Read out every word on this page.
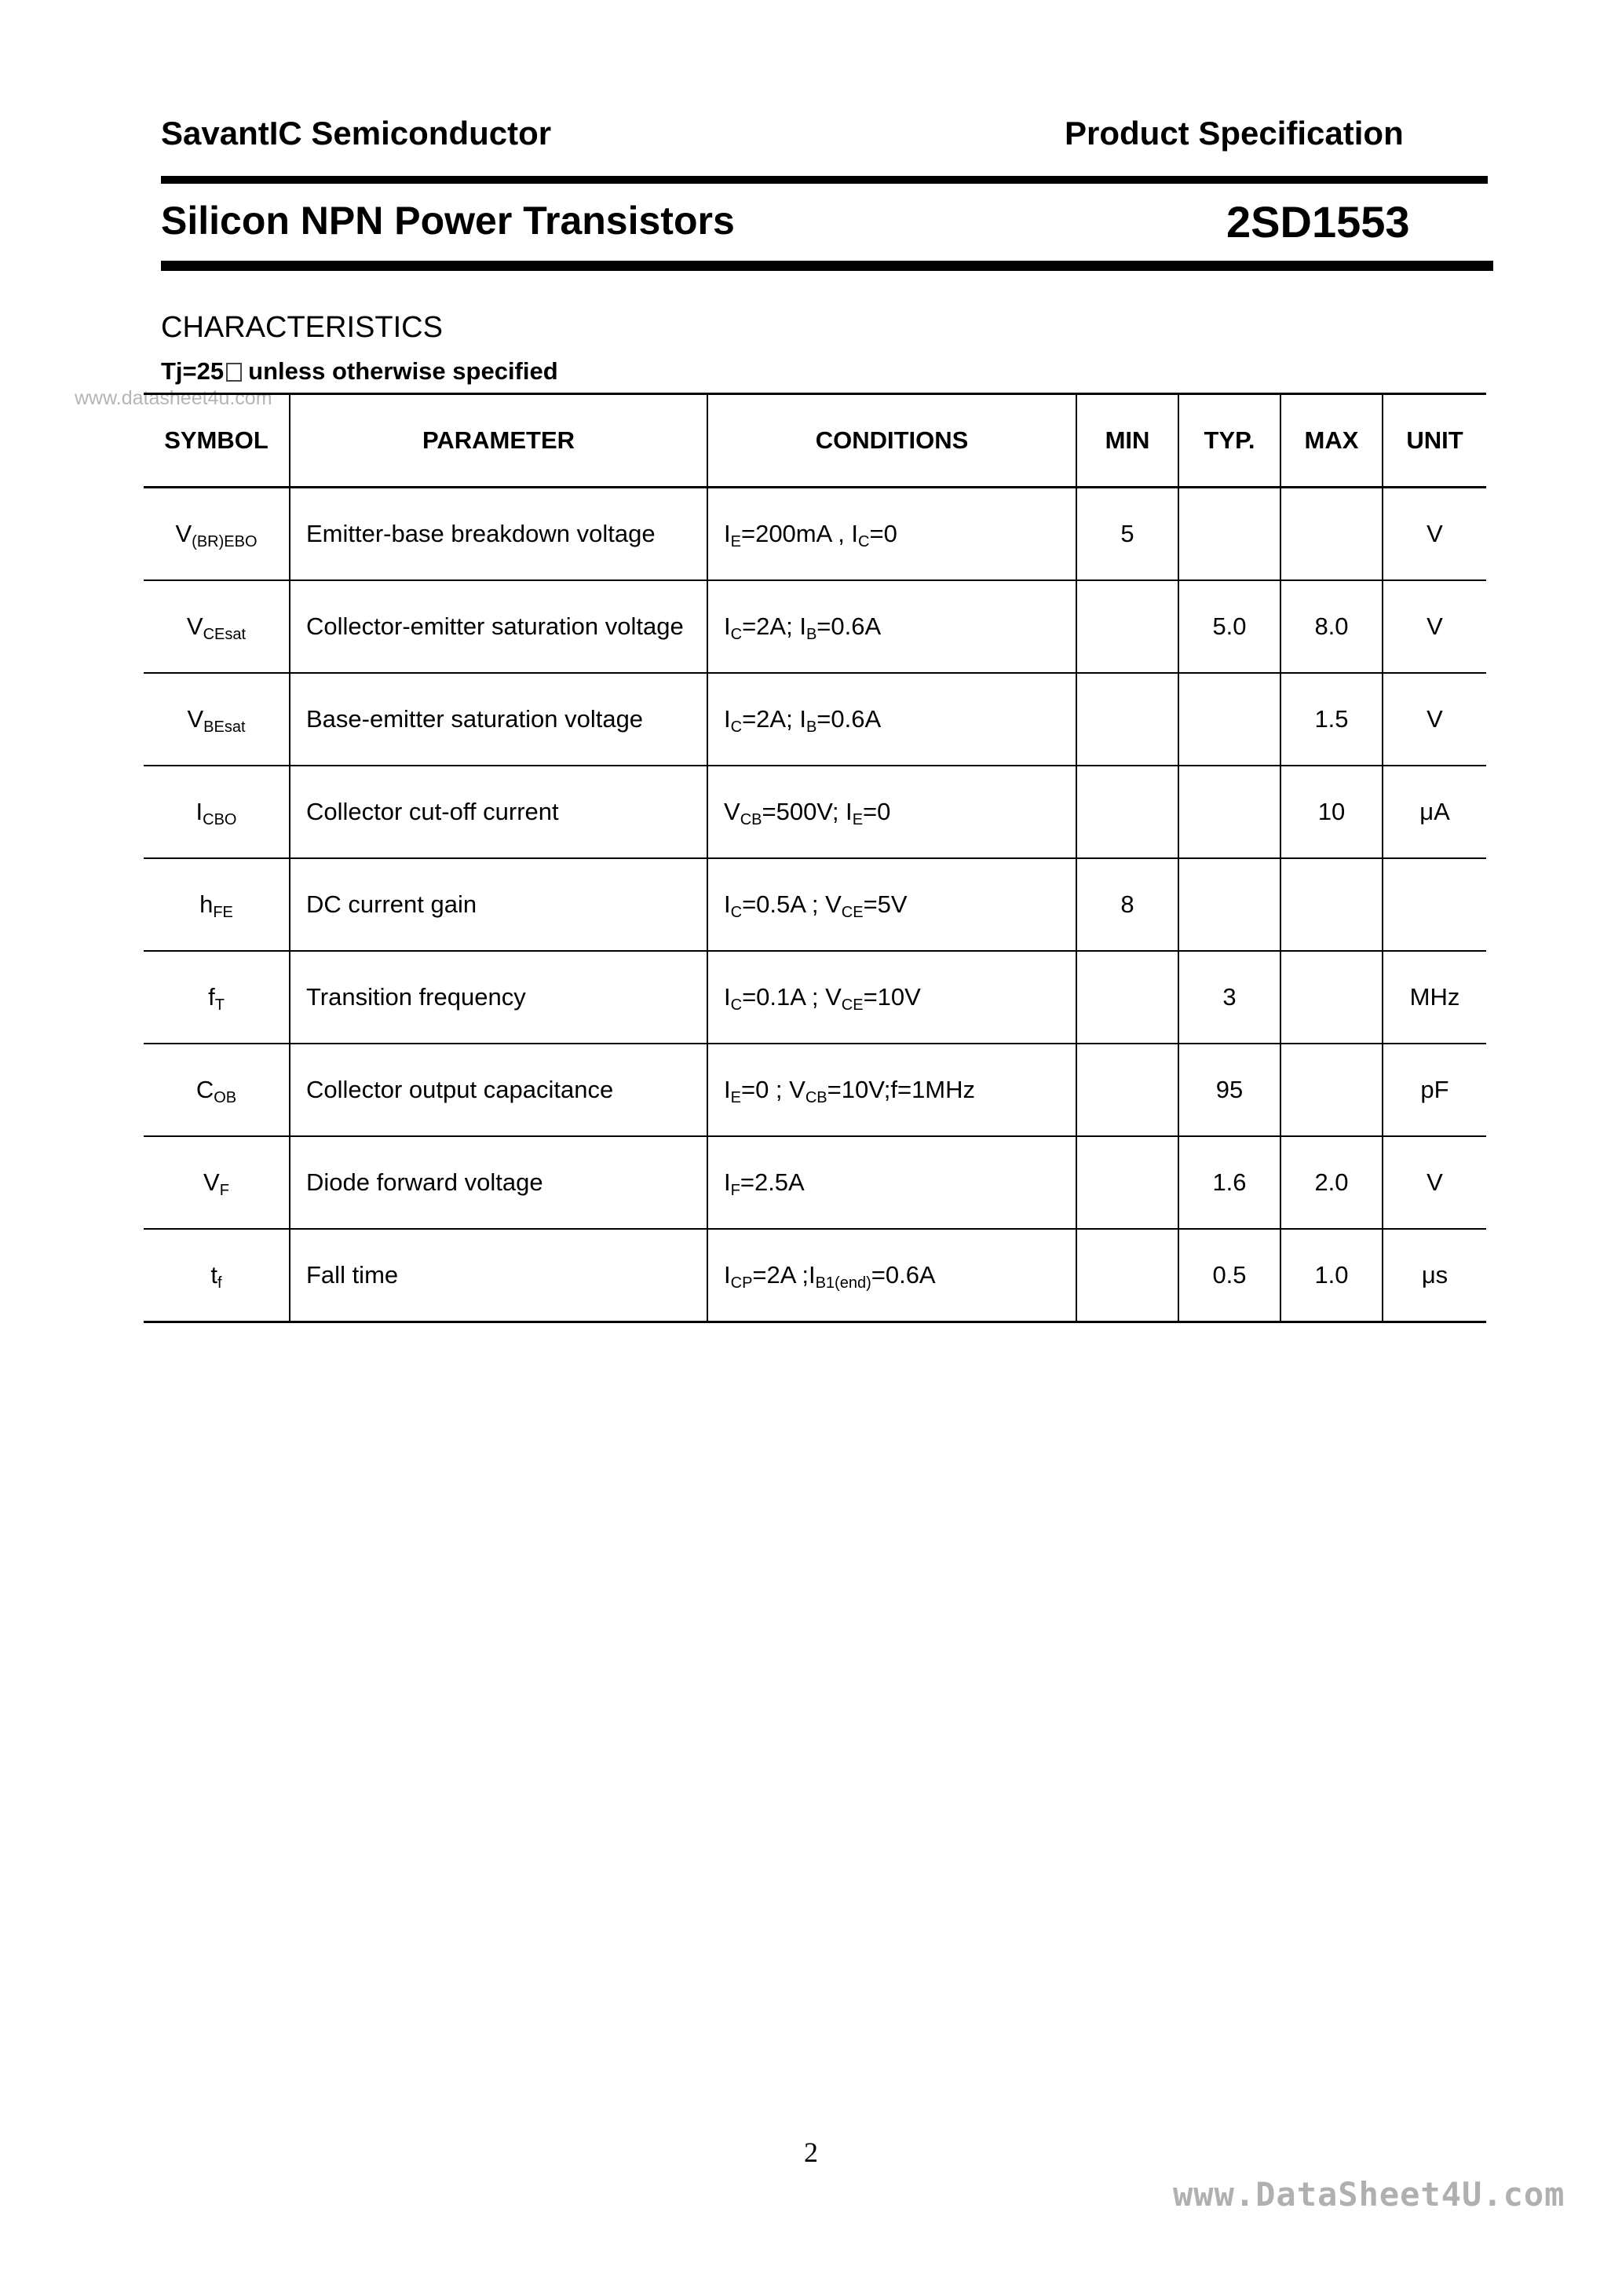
SavantIC Semiconductor	Product Specification
Silicon NPN Power Transistors	2SD1553
CHARACTERISTICS
Tj=25 unless otherwise specified
www.datasheet4u.com
SYMBOL	PARAMETER	CONDITIONS	MIN	TYP.	MAX	UNIT
$V_{(BR)EBO}$	Emitter-base breakdown voltage	$I_E=200mA$ , $I_C=0$	5			V
$V_{CEsat}$	Collector-emitter saturation voltage	$I_C=2A$; $I_B=0.6A$		5.0	8.0	V
$V_{BEsat}$	Base-emitter saturation voltage	$I_C=2A$; $I_B=0.6A$			1.5	V
$I_{CBO}$	Collector cut-off current	$V_{CB}=500V$; $I_E=0$			10	μA
$h_{FE}$	DC current gain	$I_C=0.5A$ ; $V_{CE}=5V$	8			
$f_T$	Transition frequency	$I_C=0.1A$ ; $V_{CE}=10V$		3		MHz
$C_{OB}$	Collector output capacitance	$I_E=0$ ; $V_{CB}=10V;f=1MHz$		95		pF
$V_F$	Diode forward voltage	$I_F=2.5A$		1.6	2.0	V
$t_f$	Fall time	$I_{CP}=2A$ $;I_{B1(end)}=0.6A$		0.5	1.0	μs
2
www.DataSheet4U.com
